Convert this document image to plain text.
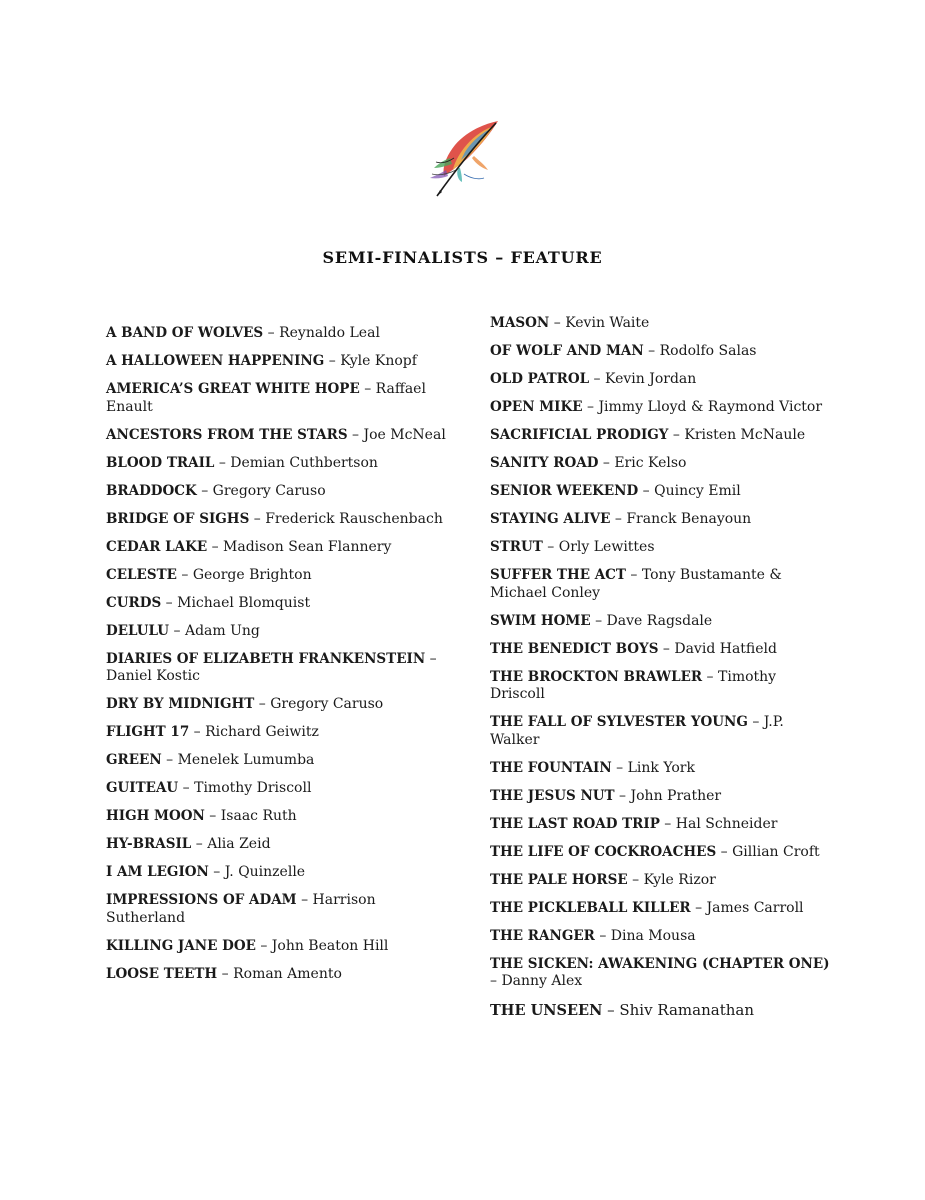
SEMI-FINALISTS – FEATURE
A BAND OF WOLVES – Reynaldo Leal
A HALLOWEEN HAPPENING – Kyle Knopf
AMERICA’S GREAT WHITE HOPE – Raffael Enault
ANCESTORS FROM THE STARS – Joe McNeal
BLOOD TRAIL – Demian Cuthbertson
BRADDOCK – Gregory Caruso
BRIDGE OF SIGHS – Frederick Rauschenbach
CEDAR LAKE – Madison Sean Flannery
CELESTE – George Brighton
CURDS – Michael Blomquist
DELULU – Adam Ung
DIARIES OF ELIZABETH FRANKENSTEIN – Daniel Kostic
DRY BY MIDNIGHT – Gregory Caruso
FLIGHT 17 – Richard Geiwitz
GREEN – Menelek Lumumba
GUITEAU – Timothy Driscoll
HIGH MOON – Isaac Ruth
HY-BRASIL – Alia Zeid
I AM LEGION – J. Quinzelle
IMPRESSIONS OF ADAM – Harrison Sutherland
KILLING JANE DOE – John Beaton Hill
LOOSE TEETH – Roman Amento
MASON – Kevin Waite
OF WOLF AND MAN – Rodolfo Salas
OLD PATROL – Kevin Jordan
OPEN MIKE – Jimmy Lloyd & Raymond Victor
SACRIFICIAL PRODIGY – Kristen McNaule
SANITY ROAD – Eric Kelso
SENIOR WEEKEND – Quincy Emil
STAYING ALIVE – Franck Benayoun
STRUT – Orly Lewittes
SUFFER THE ACT – Tony Bustamante & Michael Conley
SWIM HOME – Dave Ragsdale
THE BENEDICT BOYS – David Hatfield
THE BROCKTON BRAWLER – Timothy Driscoll
THE FALL OF SYLVESTER YOUNG – J.P. Walker
THE FOUNTAIN – Link York
THE JESUS NUT – John Prather
THE LAST ROAD TRIP – Hal Schneider
THE LIFE OF COCKROACHES – Gillian Croft
THE PALE HORSE – Kyle Rizor
THE PICKLEBALL KILLER – James Carroll
THE RANGER – Dina Mousa
THE SICKEN: AWAKENING (CHAPTER ONE) – Danny Alex
THE UNSEEN – Shiv Ramanathan
